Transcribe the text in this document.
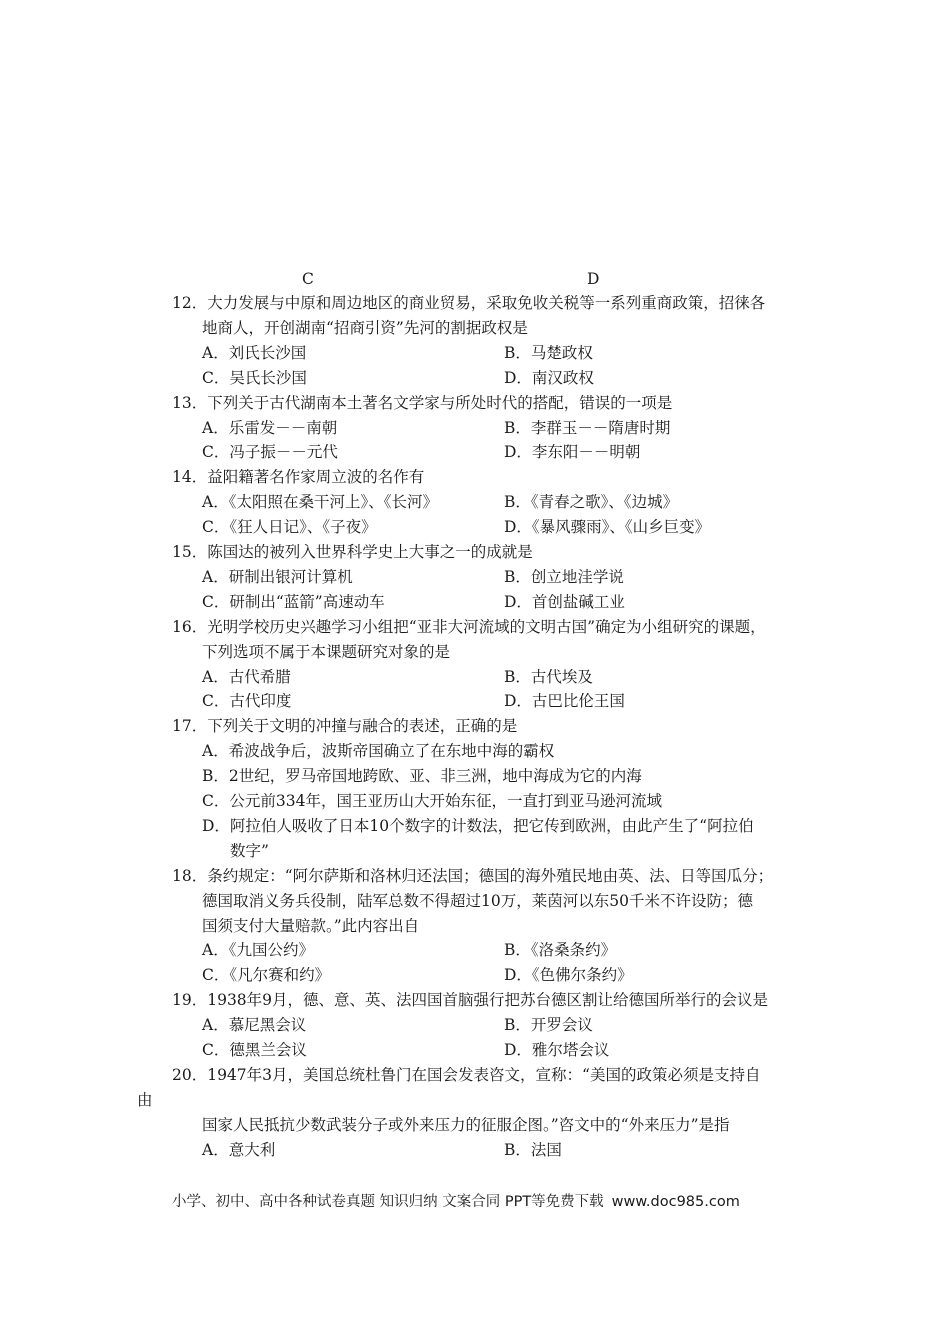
C	D
12．大力发展与中原和周边地区的商业贸易，采取免收关税等一系列重商政策，招徕各
地商人，开创湖南“招商引资”先河的割据政权是
A．刘氏长沙国	B．马楚政权
C．吴氏长沙国	D．南汉政权
13．下列关于古代湖南本土著名文学家与所处时代的搭配，错误的一项是
A．乐雷发－－南朝	B．李群玉－－隋唐时期
C．冯子振－－元代	D．李东阳－－明朝
14．益阳籍著名作家周立波的名作有
A．《太阳照在桑干河上》、《长河》	B．《青春之歌》、《边城》
C．《狂人日记》、《子夜》	D．《暴风骤雨》、《山乡巨变》
15．陈国达的被列入世界科学史上大事之一的成就是
A．研制出银河计算机	B．创立地洼学说
C．研制出“蓝箭”高速动车	D．首创盐碱工业
16．光明学校历史兴趣学习小组把“亚非大河流域的文明古国”确定为小组研究的课题，
下列选项不属于本课题研究对象的是
A．古代希腊	B．古代埃及
C．古代印度	D．古巴比伦王国
17．下列关于文明的冲撞与融合的表述，正确的是
A．希波战争后，波斯帝国确立了在东地中海的霸权
B．2世纪，罗马帝国地跨欧、亚、非三洲，地中海成为它的内海
C．公元前334年，国王亚历山大开始东征，一直打到亚马逊河流域
D．阿拉伯人吸收了日本10个数字的计数法，把它传到欧洲，由此产生了“阿拉伯
数字”
18．条约规定：“阿尔萨斯和洛林归还法国；德国的海外殖民地由英、法、日等国瓜分；
德国取消义务兵役制，陆军总数不得超过10万，莱茵河以东50千米不许设防；德
国须支付大量赔款。”此内容出自
A．《九国公约》	B．《洛桑条约》
C．《凡尔赛和约》	D．《色佛尔条约》
19．1938年9月，德、意、英、法四国首脑强行把苏台德区割让给德国所举行的会议是
A．慕尼黑会议	B．开罗会议
C．德黑兰会议	D．雅尔塔会议
20．1947年3月，美国总统杜鲁门在国会发表咨文，宣称：“美国的政策必须是支持自
由
国家人民抵抗少数武装分子或外来压力的征服企图。”咨文中的“外来压力”是指
A．意大利	B．法国
小学、初中、高中各种试卷真题 知识归纳 文案合同 PPT等免费下载 www.doc985.com
